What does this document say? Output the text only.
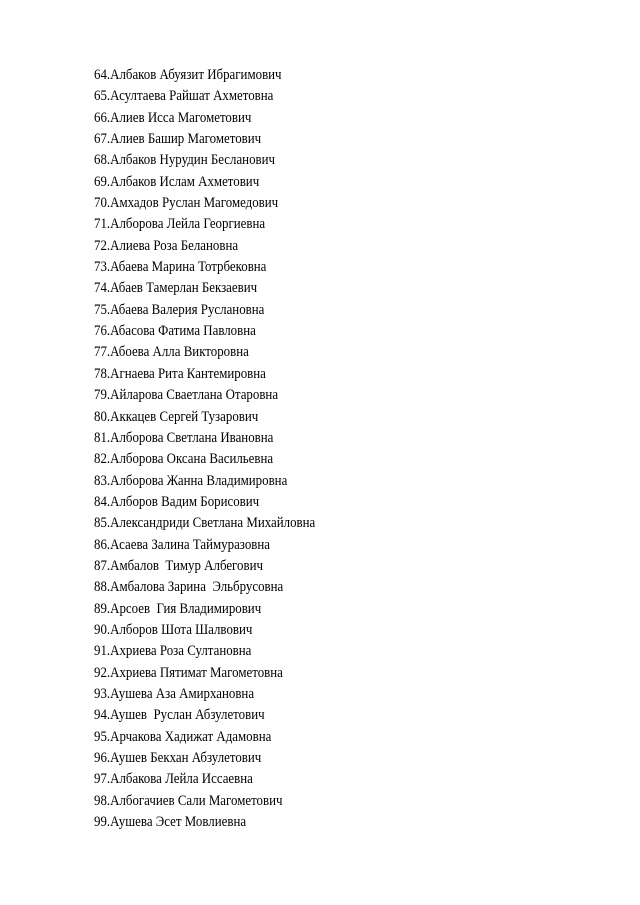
64.Албаков Абуязит Ибрагимович
65.Асултаева Райшат Ахметовна
66.Алиев Исса Магометович
67.Алиев Башир Магометович
68.Албаков Нурудин Бесланович
69.Албаков Ислам Ахметович
70.Амхадов Руслан Магомедович
71.Алборова Лейла Георгиевна
72.Алиева Роза Белановна
73.Абаева Марина Тотрбековна
74.Абаев Тамерлан Бекзаевич
75.Абаева Валерия Руслановна
76.Абасова Фатима Павловна
77.Абоева Алла Викторовна
78.Агнаева Рита Кантемировна
79.Айларова Сваетлана Отаровна
80.Аккацев Сергей Тузарович
81.Алборова Светлана Ивановна
82.Алборова Оксана Васильевна
83.Алборова Жанна Владимировна
84.Алборов Вадим Борисович
85.Александриди Светлана Михайловна
86.Асаева Залина Таймуразовна
87.Амбалов  Тимур Албегович
88.Амбалова Зарина  Эльбрусовна
89.Арсоев  Гия Владимирович
90.Алборов Шота Шалвович
91.Ахриева Роза Султановна
92.Ахриева Пятимат Магометовна
93.Аушева Аза Амирхановна
94.Аушев  Руслан Абзулетович
95.Арчакова Хадижат Адамовна
96.Аушев Бекхан Абзулетович
97.Албакова Лейла Иссаевна
98.Албогачиев Сали Магометович
99.Аушева Эсет Мовлиевна
